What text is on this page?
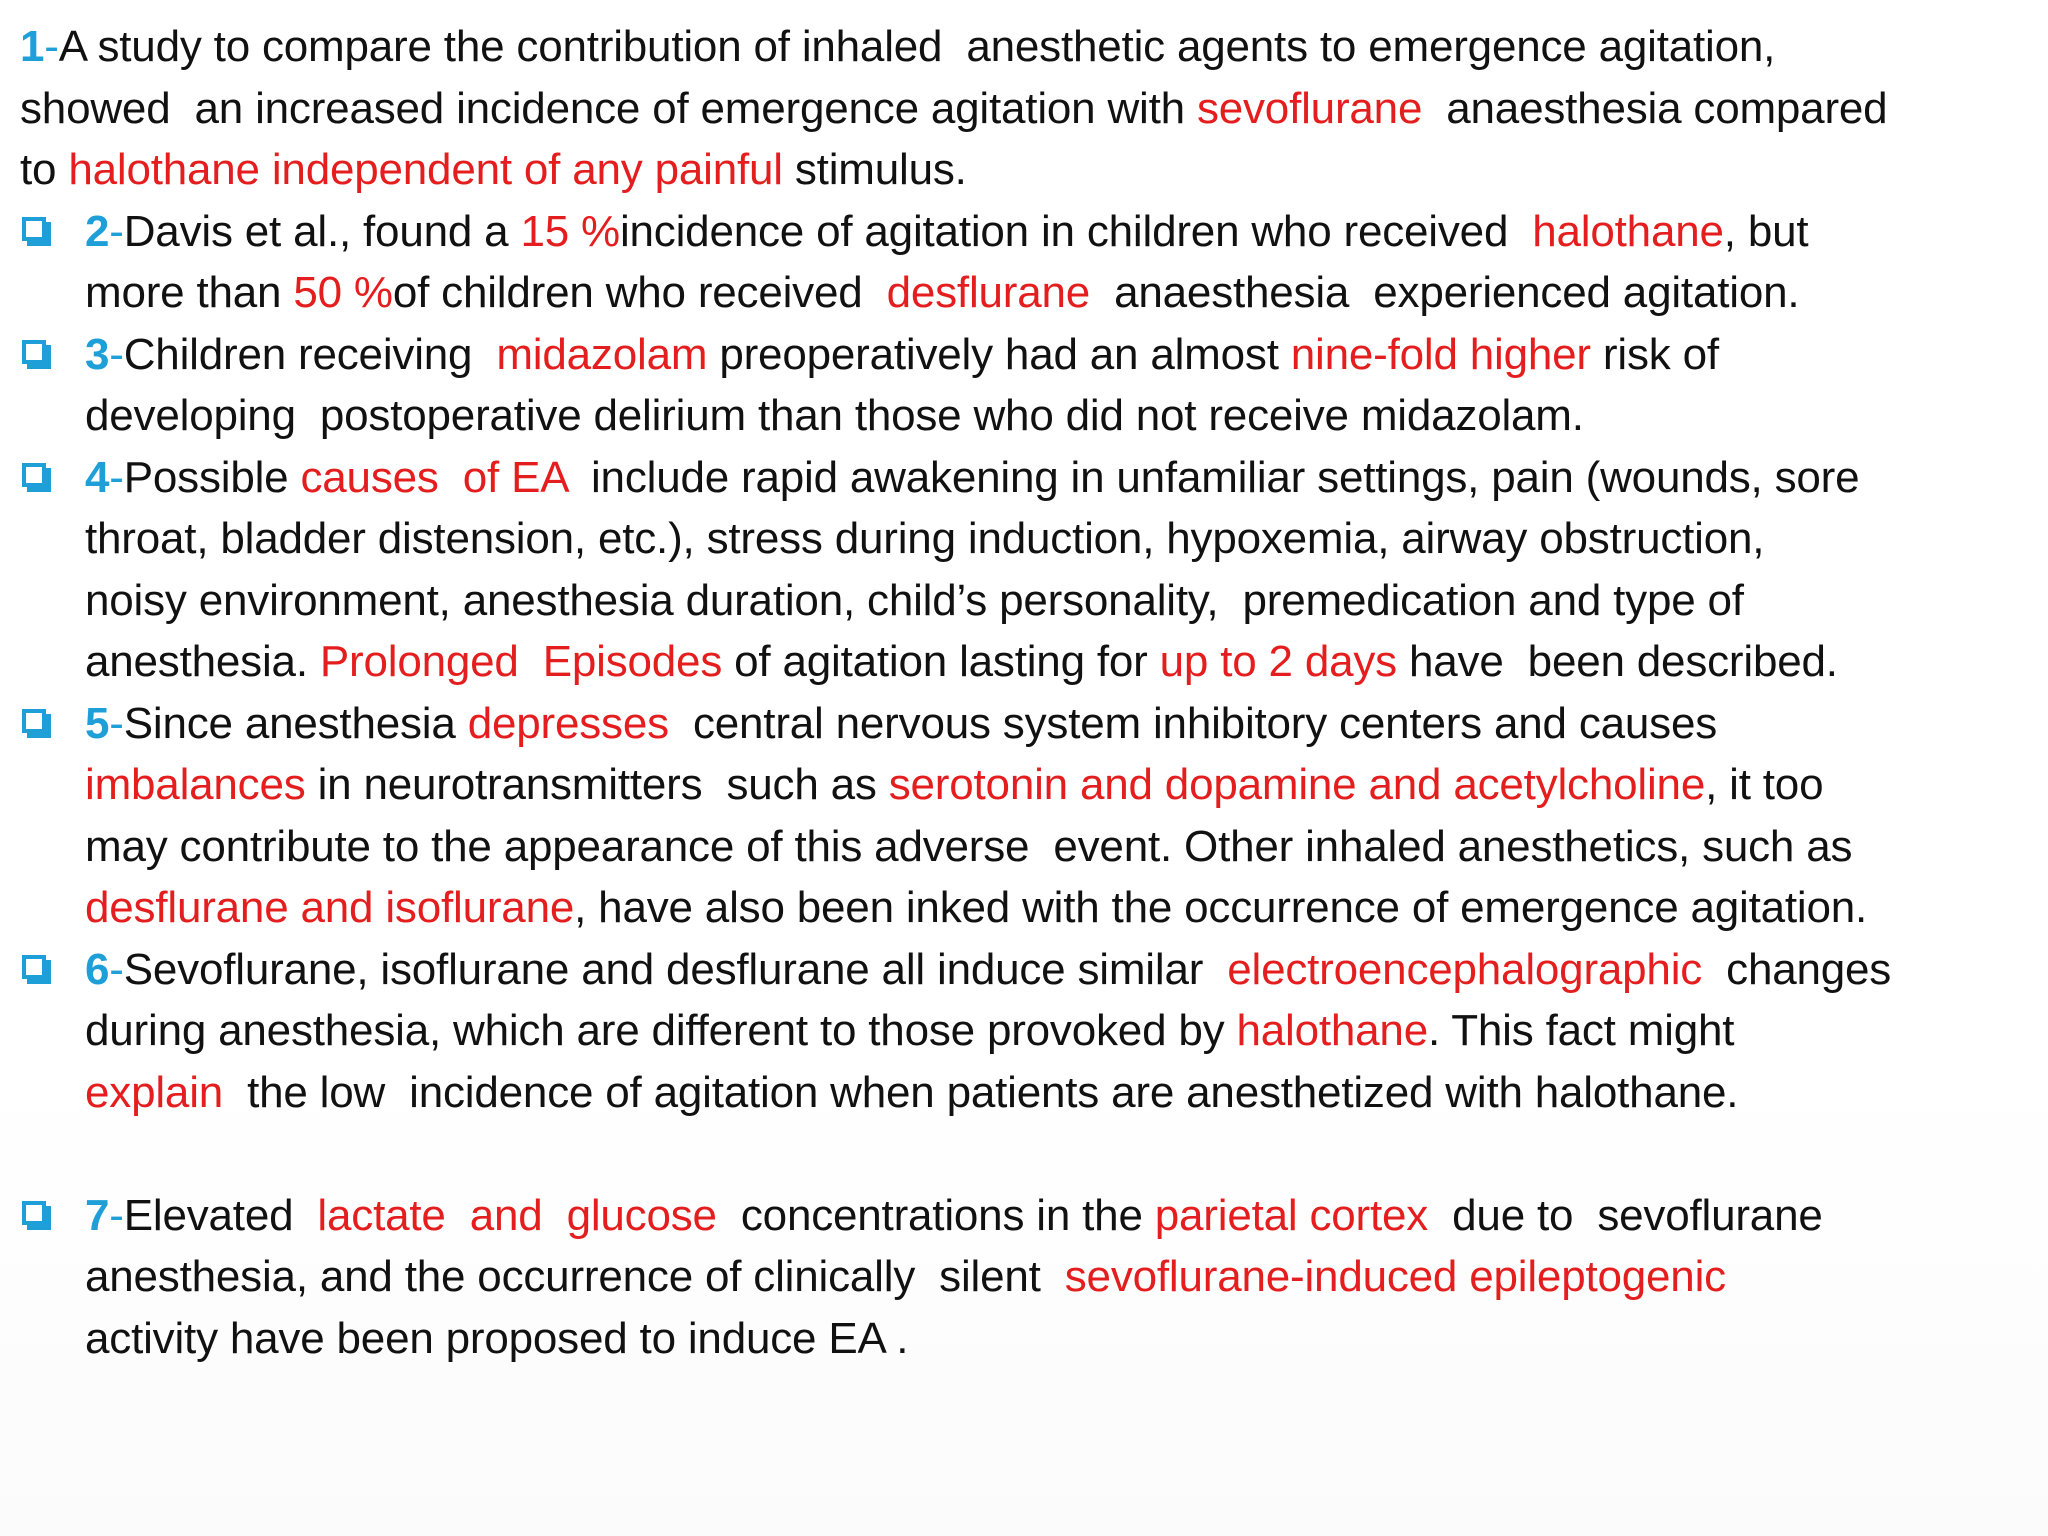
1-A study to compare the contribution of inhaled  anesthetic agents to emergence agitation,
showed  an increased incidence of emergence agitation with sevoflurane  anaesthesia compared
to halothane independent of any painful stimulus.
2-Davis et al., found a 15 %incidence of agitation in children who received  halothane, but
more than 50 %of children who received  desflurane  anaesthesia  experienced agitation.
3-Children receiving  midazolam preoperatively had an almost nine-fold higher risk of
developing  postoperative delirium than those who did not receive midazolam.
4-Possible causes  of EA  include rapid awakening in unfamiliar settings, pain (wounds, sore
throat, bladder distension, etc.), stress during induction, hypoxemia, airway obstruction,
noisy environment, anesthesia duration, child’s personality,  premedication and type of
anesthesia. Prolonged  Episodes of agitation lasting for up to 2 days have  been described.
5-Since anesthesia depresses  central nervous system inhibitory centers and causes
imbalances in neurotransmitters  such as serotonin and dopamine and acetylcholine, it too
may contribute to the appearance of this adverse  event. Other inhaled anesthetics, such as
desflurane and isoflurane, have also been inked with the occurrence of emergence agitation.
6-Sevoflurane, isoflurane and desflurane all induce similar  electroencephalographic  changes
during anesthesia, which are different to those provoked by halothane. This fact might
explain  the low  incidence of agitation when patients are anesthetized with halothane.
7-Elevated  lactate  and  glucose  concentrations in the parietal cortex  due to  sevoflurane
anesthesia, and the occurrence of clinically  silent  sevoflurane-induced epileptogenic
activity have been proposed to induce EA .
